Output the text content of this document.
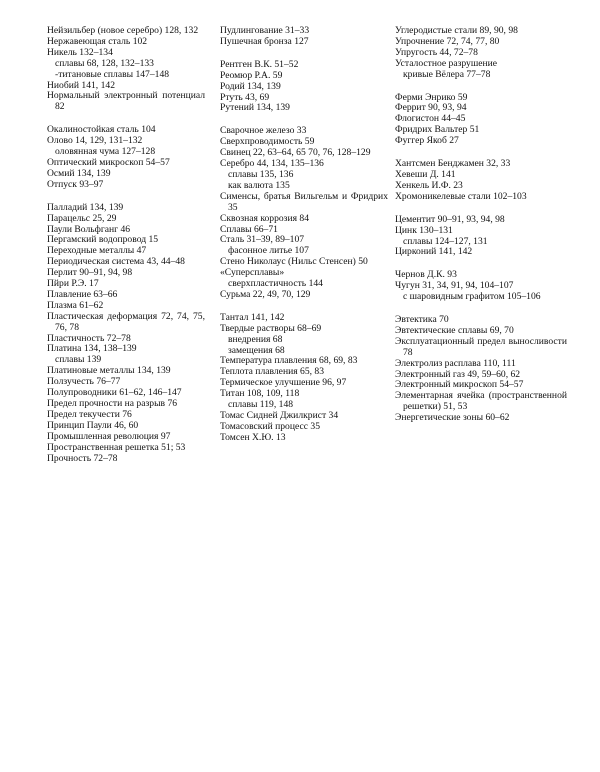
Нейзильбер (новое серебро) 128, 132
Нержавеющая сталь 102
Никель 132–134
сплавы 68, 128, 132–133
-титановые сплавы 147–148
Ниобий 141, 142
Нормальный электронный потенциал 82
Окалиностойкая сталь 104
Олово 14, 129, 131–132
оловянная чума 127–128
Оптический микроскоп 54–57
Осмий 134, 139
Отпуск 93–97
Палладий 134, 139
Парацельс 25, 29
Паули Вольфганг 46
Пергамский водопровод 15
Переходные металлы 47
Периодическая система 43, 44–48
Перлит 90–91, 94, 98
Пйри Р.Э. 17
Плавление 63–66
Плазма 61–62
Пластическая деформация 72, 74, 75, 76, 78
Пластичность 72–78
Платина 134, 138–139
сплавы 139
Платиновые металлы 134, 139
Ползучесть 76–77
Полупроводники 61–62, 146–147
Предел прочности на разрыв 76
Предел текучести 76
Принцип Паули 46, 60
Промышленная революция 97
Пространственная решетка 51; 53
Прочность 72–78
Пудлингование 31–33
Пушечная бронза 127
Рентген В.К. 51–52
Реомюр Р.А. 59
Родий 134, 139
Ртуть 43, 69
Рутений 134, 139
Сварочное железо 33
Сверхпроводимость 59
Свинец 22, 63–64, 65 70, 76, 128–129
Серебро 44, 134, 135–136
сплавы 135, 136
как валюта 135
Сименсы, братья Вильгельм и Фридрих 35
Сквозная коррозия 84
Сплавы 66–71
Сталь 31–39, 89–107
фасонное литье 107
Стено Николаус (Нильс Стенсен) 50
«Суперсплавы»
сверхпластичность 144
Сурьма 22, 49, 70, 129
Тантал 141, 142
Твердые растворы 68–69
внедрения 68
замещения 68
Температура плавления 68, 69, 83
Теплота плавления 65, 83
Термическое улучшение 96, 97
Титан 108, 109, 118
сплавы 119, 148
Томас Сидней Джилкрист 34
Томасовский процесс 35
Томсен Х.Ю. 13
Углеродистые стали 89, 90, 98
Упрочнение 72, 74, 77, 80
Упругость 44, 72–78
Усталостное разрушение
кривые Вёлера 77–78
Ферми Энрико 59
Феррит 90, 93, 94
Флогистон 44–45
Фридрих Вальтер 51
Фуггер Якоб 27
Хантсмен Бенджамен 32, 33
Хевеши Д. 141
Хенкель И.Ф. 23
Хромоникелевые стали 102–103
Цементит 90–91, 93, 94, 98
Цинк 130–131
сплавы 124–127, 131
Цирконий 141, 142
Чернов Д.К. 93
Чугун 31, 34, 91, 94, 104–107
с шаровидным графитом 105–106
Эвтектика 70
Эвтектические сплавы 69, 70
Эксплуатационный предел выносливости 78
Электролиз расплава 110, 111
Электронный газ 49, 59–60, 62
Электронный микроскоп 54–57
Элементарная ячейка (пространственной решетки) 51, 53
Энергетические зоны 60–62
